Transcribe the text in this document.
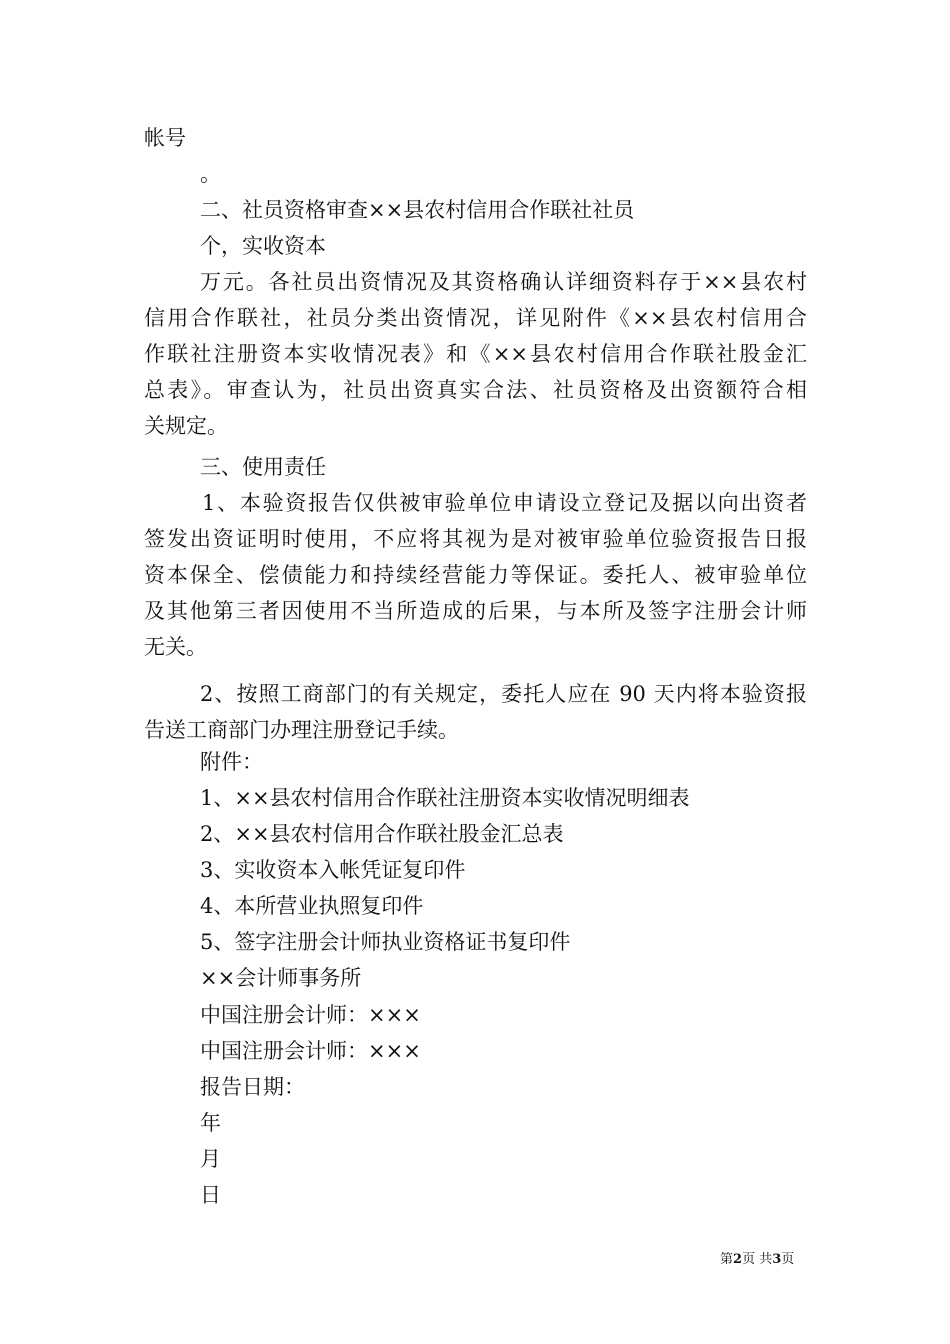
帐号
。
二、社员资格审查××县农村信用合作联社社员
个，实收资本
万元。各社员出资情况及其资格确认详细资料存于××县农村
信用合作联社，社员分类出资情况，详见附件《××县农村信用合
作联社注册资本实收情况表》和《××县农村信用合作联社股金汇
总表》。审查认为，社员出资真实合法、社员资格及出资额符合相
关规定。
三、使用责任
1、本验资报告仅供被审验单位申请设立登记及据以向出资者
签发出资证明时使用，不应将其视为是对被审验单位验资报告日报
资本保全、偿债能力和持续经营能力等保证。委托人、被审验单位
及其他第三者因使用不当所造成的后果，与本所及签字注册会计师
无关。
2、按照工商部门的有关规定，委托人应在 90 天内将本验资报
告送工商部门办理注册登记手续。
附件：
1、××县农村信用合作联社注册资本实收情况明细表
2、××县农村信用合作联社股金汇总表
3、实收资本入帐凭证复印件
4、本所营业执照复印件
5、签字注册会计师执业资格证书复印件
××会计师事务所
中国注册会计师：×××
中国注册会计师：×××
报告日期：
年
月
日
第2页 共3页
